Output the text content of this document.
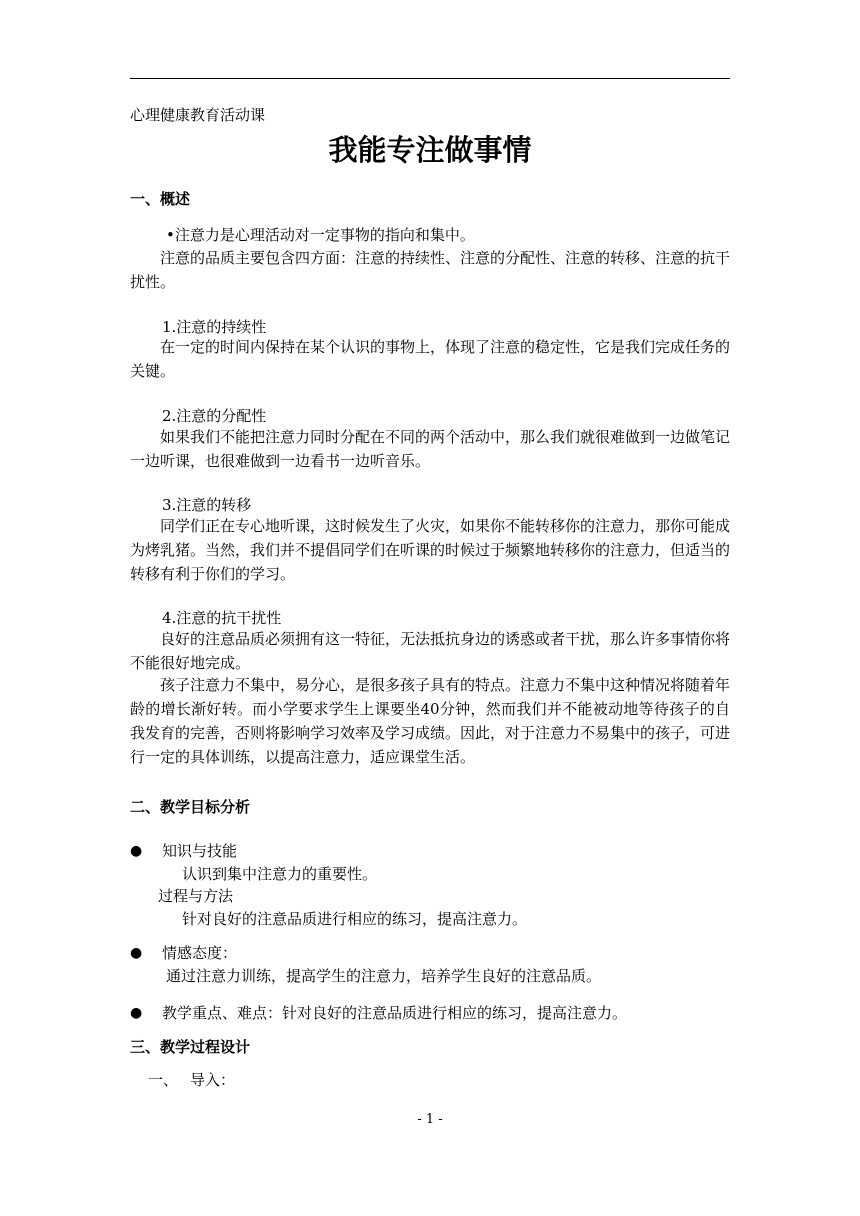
心理健康教育活动课
我能专注做事情
一、概述
•注意力是心理活动对一定事物的指向和集中。
注意的品质主要包含四方面：注意的持续性、注意的分配性、注意的转移、注意的抗干扰性。
1.注意的持续性
在一定的时间内保持在某个认识的事物上，体现了注意的稳定性，它是我们完成任务的关键。
2.注意的分配性
如果我们不能把注意力同时分配在不同的两个活动中，那么我们就很难做到一边做笔记一边听课，也很难做到一边看书一边听音乐。
3.注意的转移
同学们正在专心地听课，这时候发生了火灾，如果你不能转移你的注意力，那你可能成为烤乳猪。当然，我们并不提倡同学们在听课的时候过于频繁地转移你的注意力，但适当的转移有利于你们的学习。
4.注意的抗干扰性
良好的注意品质必须拥有这一特征，无法抵抗身边的诱惑或者干扰，那么许多事情你将不能很好地完成。
孩子注意力不集中，易分心，是很多孩子具有的特点。注意力不集中这种情况将随着年龄的增长渐好转。而小学要求学生上课要坐40分钟，然而我们并不能被动地等待孩子的自我发育的完善，否则将影响学习效率及学习成绩。因此，对于注意力不易集中的孩子，可进行一定的具体训练，以提高注意力，适应课堂生活。
二、教学目标分析
● 知识与技能
认识到集中注意力的重要性。
过程与方法
针对良好的注意品质进行相应的练习，提高注意力。
● 情感态度：
通过注意力训练，提高学生的注意力，培养学生良好的注意品质。
● 教学重点、难点：针对良好的注意品质进行相应的练习，提高注意力。
三、教学过程设计
一、 导入：
- 1 -
